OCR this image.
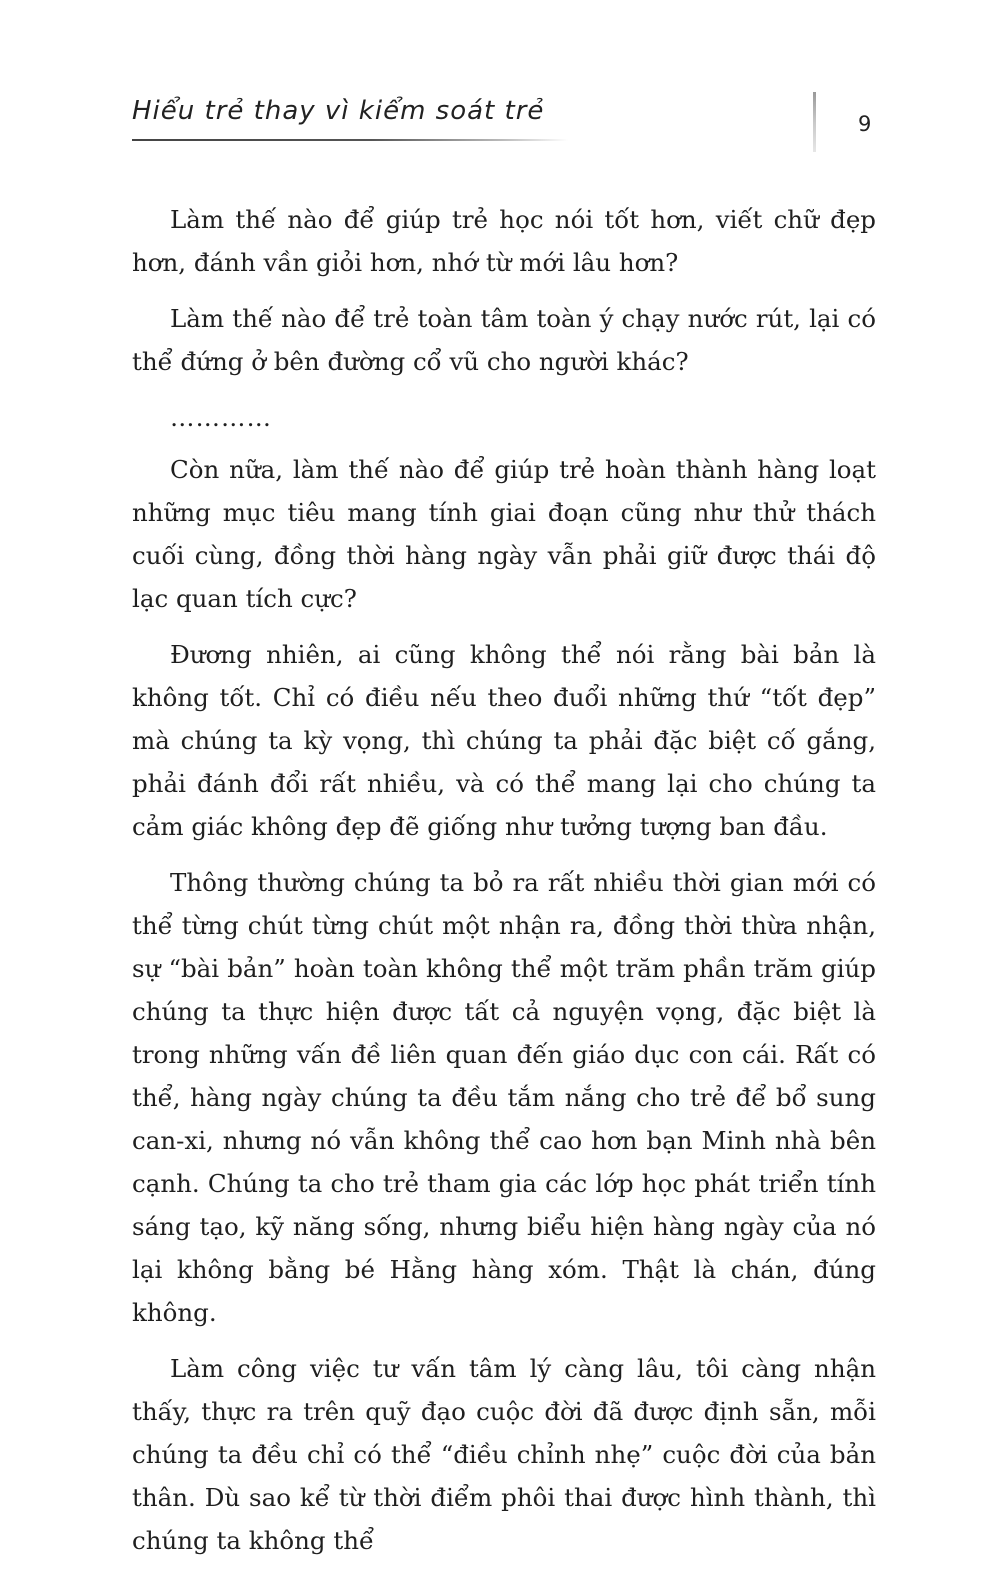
Hiểu trẻ thay vì kiểm soát trẻ	9

Làm thế nào để giúp trẻ học nói tốt hơn, viết chữ đẹp hơn, đánh vần giỏi hơn, nhớ từ mới lâu hơn?

Làm thế nào để trẻ toàn tâm toàn ý chạy nước rút, lại có thể đứng ở bên đường cổ vũ cho người khác?

…………

Còn nữa, làm thế nào để giúp trẻ hoàn thành hàng loạt những mục tiêu mang tính giai đoạn cũng như thử thách cuối cùng, đồng thời hàng ngày vẫn phải giữ được thái độ lạc quan tích cực?

Đương nhiên, ai cũng không thể nói rằng bài bản là không tốt. Chỉ có điều nếu theo đuổi những thứ “tốt đẹp” mà chúng ta kỳ vọng, thì chúng ta phải đặc biệt cố gắng, phải đánh đổi rất nhiều, và có thể mang lại cho chúng ta cảm giác không đẹp đẽ giống như tưởng tượng ban đầu.

Thông thường chúng ta bỏ ra rất nhiều thời gian mới có thể từng chút từng chút một nhận ra, đồng thời thừa nhận, sự “bài bản” hoàn toàn không thể một trăm phần trăm giúp chúng ta thực hiện được tất cả nguyện vọng, đặc biệt là trong những vấn đề liên quan đến giáo dục con cái. Rất có thể, hàng ngày chúng ta đều tắm nắng cho trẻ để bổ sung can-xi, nhưng nó vẫn không thể cao hơn bạn Minh nhà bên cạnh. Chúng ta cho trẻ tham gia các lớp học phát triển tính sáng tạo, kỹ năng sống, nhưng biểu hiện hàng ngày của nó lại không bằng bé Hằng hàng xóm. Thật là chán, đúng không.

Làm công việc tư vấn tâm lý càng lâu, tôi càng nhận thấy, thực ra trên quỹ đạo cuộc đời đã được định sẵn, mỗi chúng ta đều chỉ có thể “điều chỉnh nhẹ” cuộc đời của bản thân. Dù sao kể từ thời điểm phôi thai được hình thành, thì chúng ta không thể
